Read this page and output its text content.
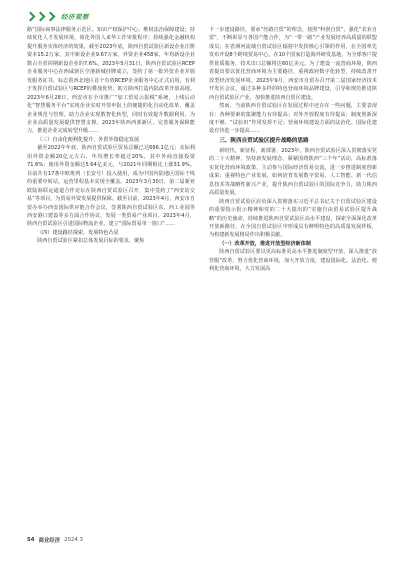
经济观察

路”国际商事法律服务示范区、知识产权保护中心、维权法治保障建设；持续优化人才发展环境，简化外国人来华工作审批程序；持续强化金融机构提升服务实体经济的效果，截至2023年底，陕西自贸试验区新设企业注册资本15.2万家，其中新设企业9.67万家，外资企业458家，年均新设企业数占全省同期新设企业的7.6%。2023年5月31日，陕西自贸试验区RCEP企业服务中心在西咸新区空港新城挂牌成立，签约了第一批外贸企业并颁发服务证书，标志着西北地区首个有效RCEP企业服务中心正式启用，有利于发挥自贸试验区与RCEP的叠加优势，助力陕西打造内陆改革开放高地。2023年6月28日，西安市在全市推广“加工贸易云报税”系统，上线后动化“智慧服务平台”实现企业实时开票申报上的便捷的化自动化改革，覆盖企业规范与管理，助力企业实现数智化转型，同时有效提升数据利用，为企业高质量发展提供智慧支撑。2023年陕西西部新区，完善服务保障能力，推进企业完成转型升级……

（三）自由化便利化提升，外贸外资稳定发展

截至2022年年底，陕西自贸试验区贸易总额已达666.1亿元；实际利用外资金额20亿元左右，年均增长率超过20%，其中外商直接投资71.6%；使用外资金额达5.64亿美元，与2021年同期相比上涨31.9%。目前共有17条中欧班列（长安号）投入使用，成为中国内陆地区国际干线的重要中转站，运营里程基本实现全覆盖。2023年3月30日，第二届新亚欧陆海联运通道合作论坛在陕西自贸试验区召开，集中签约了“西安站交易”等项目，为贸易外资发展提供保障。截至目前，2023年4月，西安市自贸办举办西安国际供应链合作会议，签署陕西自贸试验区东、西工业园等西安港口建设等多方面合作协议，发展一类贸易产业项目。2023年4月，陕西自贸试验区引进国际物流企业，建立“国际贸易单一窗口”……

（四）建设路径探索，发展特色凸显

陕西自贸试验区紧扣总体发展目标的要求，聚焦

下一步建设路径，要承“丝路自贸”的理念，按照“科创自贸”，强化“农业自贸”，不断彰显与各国产能合作，为“一带一路”产业发展培养高质量的联盟成员；在省洲河流域自贸试验区辐射中发挥核心引领的作用，在全国率先发布开设8个跨境贸易中心，在10个国家打造海外研发基地，为全球客户提供优质服务，技术出口总额将达60亿美元。为了建设一流营商环境，陕西省提出要以优化营商环境为主要路径，重视政府数字化转型，持续改善开放型经济发展环境。2023年9月，西安市自贸办召开第二届国家经济技术开发区会议，通过多种多样的特色营商环境品牌建设，引导和规范推进陕西自贸试验区产业，加快推进陕西自贸区建设。

然而，当前陕西自贸试验区在发展过程中还存在一些问题，主要表现在：各种要素的集聚能力有待提高；对外开放程度有待提高；制度创新深度不够，“试验田”作用发挥不足；营商环境建设方面的法治化、国际化建设有待进一步提高……

三、陕西自贸试验区提升战略的思路

新时代，新征程，新部署。2023年，陕西自贸试验区深入贯彻落实党的二十大精神，坚持新发展理念，紧紧围绕陕西“三个年”活动，高标准落实优化营商环境政策，主动参与国际经济贸易交流，进一步推进制度创新成果；重视特色产业发展，如何培育发展数字贸易、人工智能、新一代信息技术等战略性新兴产业，提升陕西自贸试验区的国际竞争力，助力陕西高质量发展。

陕西自贸试验区肩负深入贯彻落实习近平总书记关于自贸试验区建设的重要指示批示精神和党的二十大提出的“实施自由贸易试验区提升战略”的历史使命，持续推进陕西自贸试验区高水平建设，探索全面深化改革开放新路径，在全国自贸试验区中形成具有鲜明特色的高质量发展样板，为构建新发展格局作出积极贡献。

（一）改革开放，推进开放型经济新体制

陕西自贸试验区要以更高标准更高水平推进制度型开放，深入推进“放管服”改革，努力优化营商环境，加大开放力度，建设国际化、法治化、便利化营商环境，大力发展高

54 商业经济 2024.3
